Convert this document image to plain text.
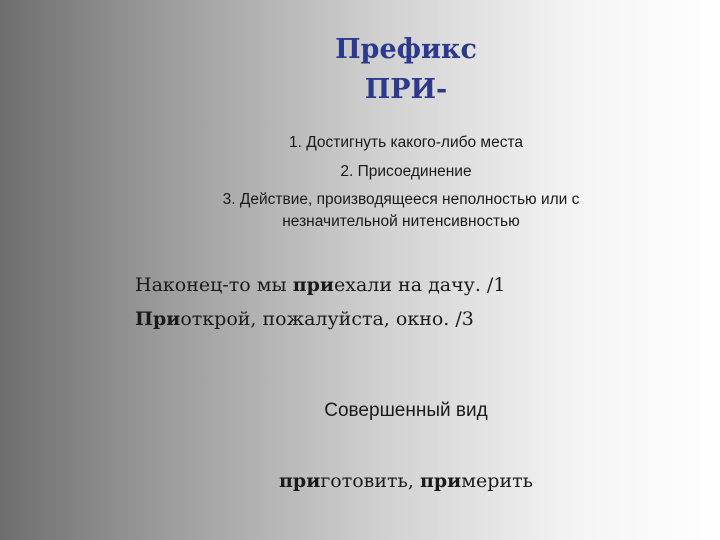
Префикс
ПРИ-
1. Достигнуть какого-либо места
2. Присоединение
3. Действие, производящееся неполностью или с незначительной нитенсивностью
Наконец-то мы приехали на дачу. /1
Приоткрой, пожалуйста, окно. /3
Совершенный вид
приготовить, примерить
